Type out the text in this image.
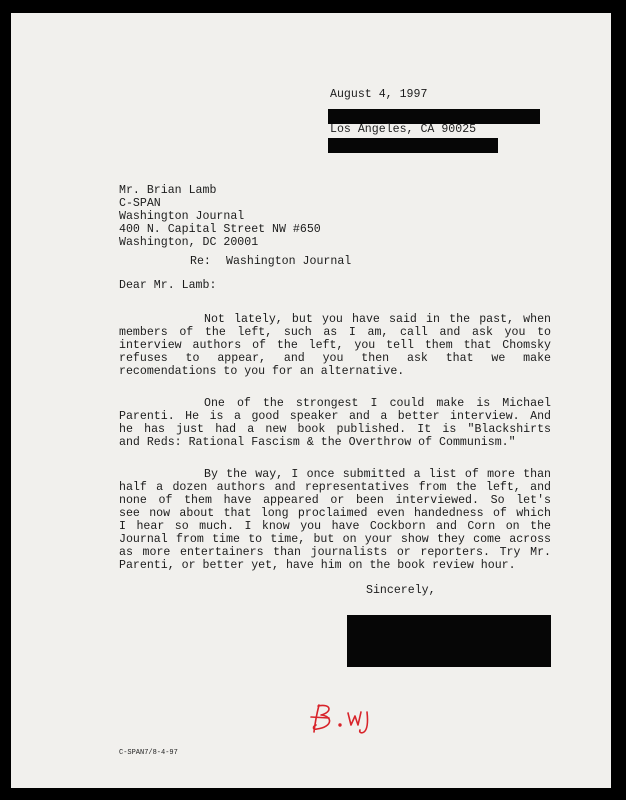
August 4, 1997
Los Angeles, CA 90025
Mr. Brian Lamb
C-SPAN
Washington Journal
400 N. Capital Street NW #650
Washington, DC 20001
Re: Washington Journal
Dear Mr. Lamb:
Not lately, but you have said in the past, when
members of the left, such as I am, call and ask you to
interview authors of the left, you tell them that Chomsky
refuses to appear, and you then ask that we make
recomendations to you for an alternative.
One of the strongest I could make is Michael
Parenti. He is a good speaker and a better interview. And
he has just had a new book published. It is "Blackshirts
and Reds: Rational Fascism & the Overthrow of Communism."
By the way, I once submitted a list of more than
half a dozen authors and representatives from the left, and
none of them have appeared or been interviewed. So let's
see now about that long proclaimed even handedness of which
I hear so much. I know you have Cockborn and Corn on the
Journal from time to time, but on your show they come across
as more entertainers than journalists or reporters. Try Mr.
Parenti, or better yet, have him on the book review hour.
Sincerely,
C-SPAN7/8-4-97
